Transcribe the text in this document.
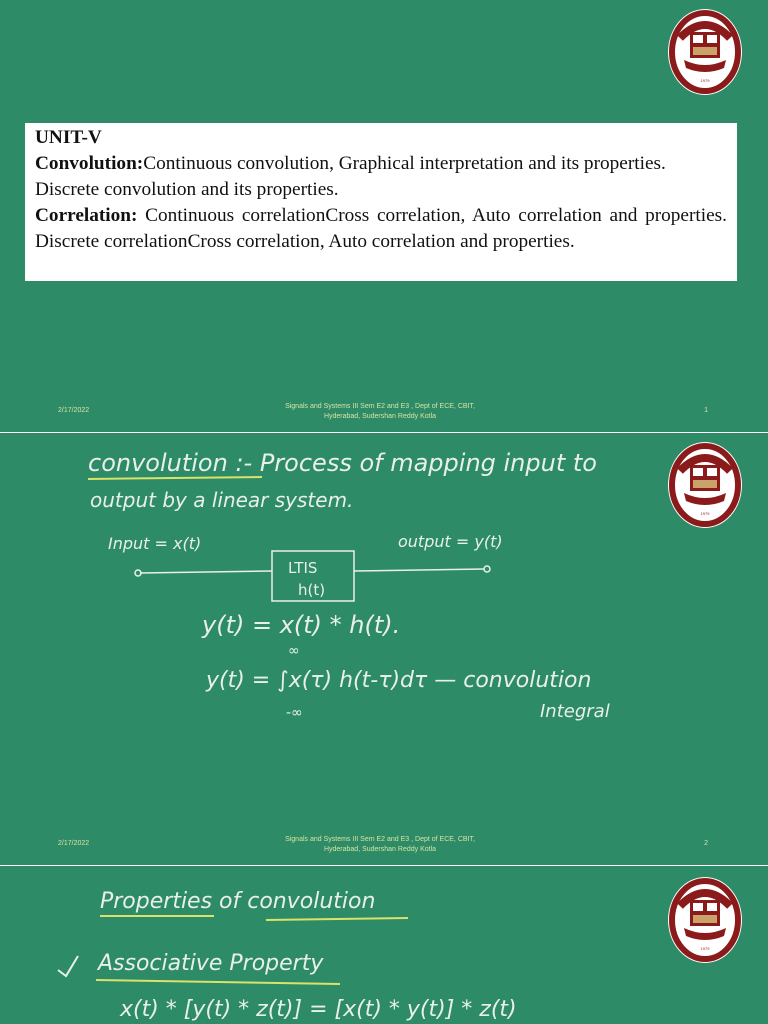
1979

UNIT-V

Convolution:Continuous convolution, Graphical interpretation and its properties.

Discrete convolution and its properties.

Correlation: Continuous correlationCross correlation, Auto correlation and properties. Discrete correlationCross correlation, Auto correlation and properties.

2/17/2022
Signals and Systems III Sem E2 and E3 , Dept of ECE, CBIT,
Hyderabad, Sudershan Reddy Kotla
1
1979
convolution :- Process of mapping input to
output by a linear system.
Input = x(t)	output = y(t)
LTIS
h(t)
y(t) = x(t) * h(t).
∞
y(t) = ∫x(τ) h(t-τ)dτ — convolution
-∞	Integral
2/17/2022
Signals and Systems III Sem E2 and E3 , Dept of ECE, CBIT,
Hyderabad, Sudershan Reddy Kotla
2
1979
Properties of convolution
Associative Property
x(t) * [y(t) * z(t)] = [x(t) * y(t)] * z(t)
